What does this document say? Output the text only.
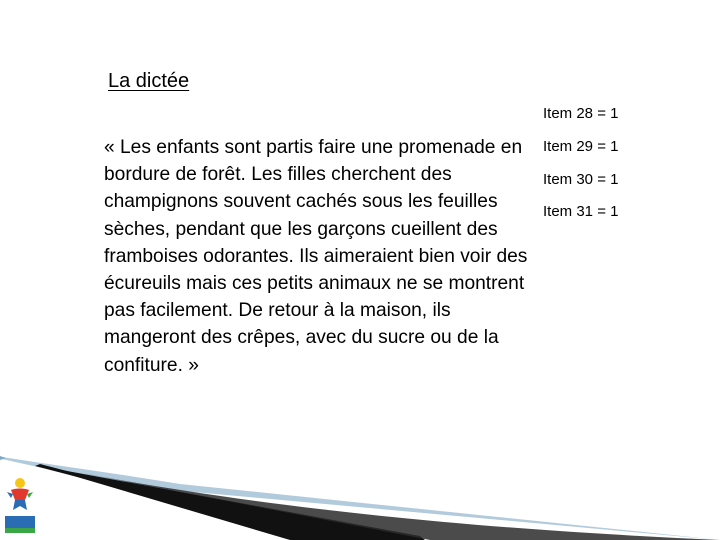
La dictée

« Les enfants sont partis faire une promenade en bordure de forêt. Les filles cherchent des champignons souvent cachés sous les feuilles sèches, pendant que les garçons cueillent des framboises odorantes. Ils aimeraient bien voir des écureuils mais ces petits animaux ne se montrent pas facilement. De retour à la maison, ils mangeront des crêpes, avec du sucre ou de la confiture. »

Item 28 = 1
Item 29 = 1
Item 30 = 1
Item 31 = 1
